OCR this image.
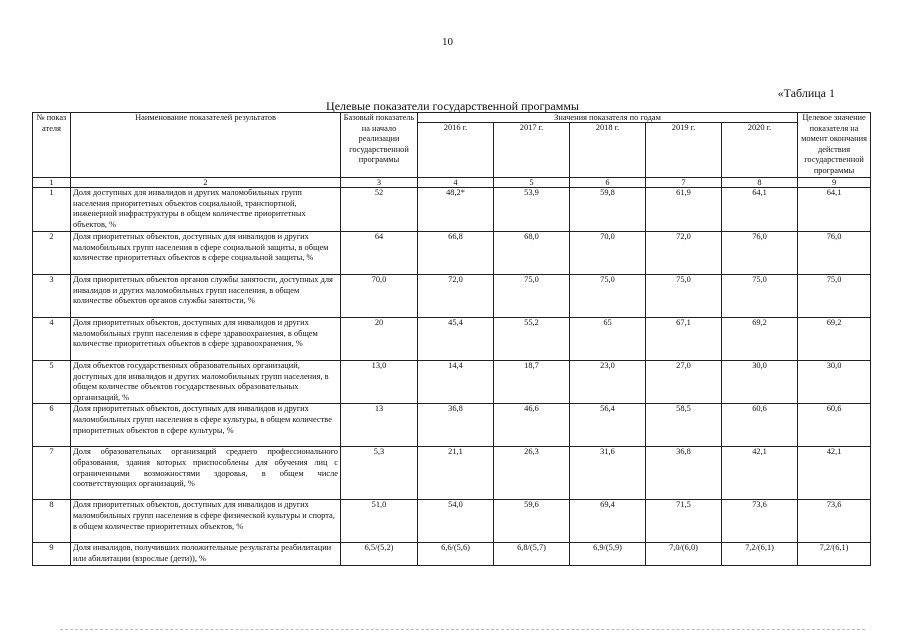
10
«Таблица 1
Целевые показатели государственной программы
№ показ ателя	Наименование показателей результатов	Базовый показатель на начало реализации государственной программы	Значения показателя по годам					Целевое значение показателя на момент окончания действия государственной программы
			2016 г.	2017 г.	2018 г.	2019 г.	2020 г.	
1	2	3	4	5	6	7	8	9
1	Доля доступных для инвалидов и других маломобильных групп населения приоритетных объектов социальной, транспортной, инженерной инфраструктуры в общем количестве приоритетных объектов, %	52	48,2*	53,9	59,8	61,9	64,1	64,1
2	Доля приоритетных объектов, доступных для инвалидов и других маломобильных групп населения в сфере социальной защиты, в общем количестве приоритетных объектов в сфере социальной защиты, %	64	66,8	68,0	70,0	72,0	76,0	76,0
3	Доля приоритетных объектов органов службы занятости, доступных для инвалидов и других маломобильных групп населения, в общем количестве объектов органов службы занятости, %	70,0	72,0	75,0	75,0	75,0	75,0	75,0
4	Доля приоритетных объектов, доступных для инвалидов и других маломобильных групп населения в сфере здравоохранения, в общем количестве приоритетных объектов в сфере здравоохранения, %	20	45,4	55,2	65	67,1	69,2	69,2
5	Доля объектов государственных образовательных организаций, доступных для инвалидов и других маломобильных групп населения, в общем количестве объектов государственных образовательных организаций, %	13,0	14,4	18,7	23,0	27,0	30,0	30,0
6	Доля приоритетных объектов, доступных для инвалидов и других маломобильных групп населения в сфере культуры, в общем количестве приоритетных объектов в сфере культуры, %	13	36,8	46,6	56,4	58,5	60,6	60,6
7	Доля образовательных организаций среднего профессионального образования, здания которых приспособлены для обучения лиц с ограниченными возможностями здоровья, в общем числе соответствующих организаций, %	5,3	21,1	26,3	31,6	36,8	42,1	42,1
8	Доля приоритетных объектов, доступных для инвалидов и других маломобильных групп населения в сфере физической культуры и спорта, в общем количестве приоритетных объектов, %	51,0	54,0	59,6	69,4	71,5	73,6	73,6
9	Доля инвалидов, получивших положительные результаты реабилитации или абилитации (взрослые (дети)), %	6,5/(5,2)	6,6/(5,6)	6,8/(5,7)	6,9/(5,9)	7,0/(6,0)	7,2/(6,1)	7,2/(6,1)
